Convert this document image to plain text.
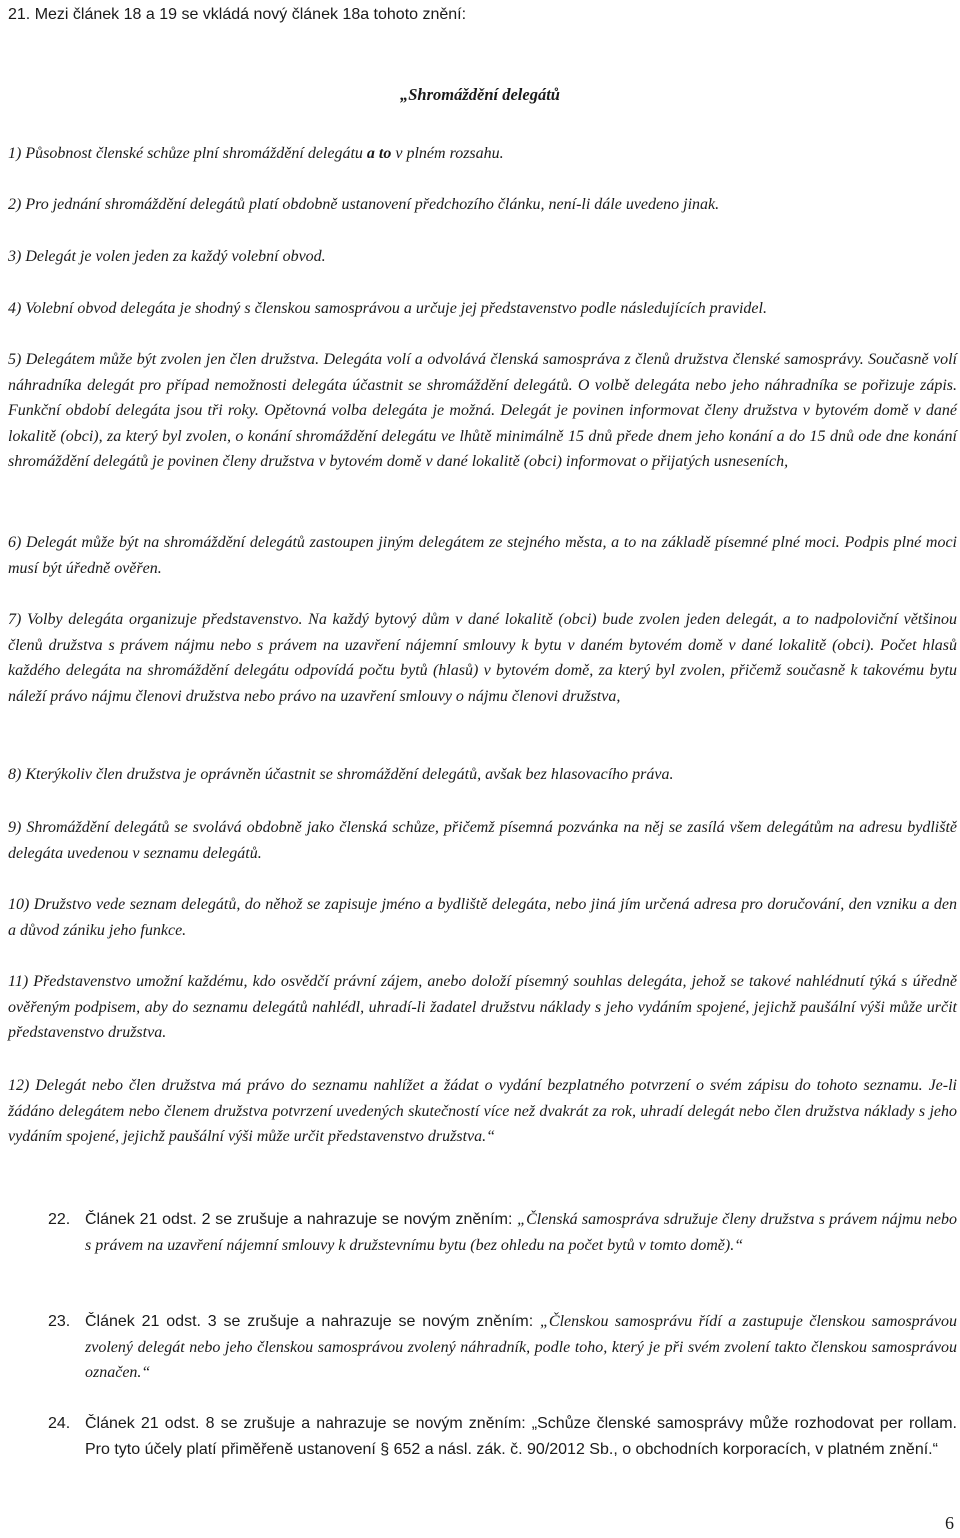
21. Mezi článek 18 a 19 se vkládá nový článek 18a tohoto znění:
„Shromáždění delegátů
1) Působnost členské schůze plní shromáždění delegátu a to v plném rozsahu.
2) Pro jednání shromáždění delegátů platí obdobně ustanovení předchozího článku, není-li dále uvedeno jinak.
3) Delegát je volen jeden za každý volební obvod.
4) Volební obvod delegáta je shodný s členskou samosprávou a určuje jej představenstvo podle následujících pravidel.
5) Delegátem může být zvolen jen člen družstva. Delegáta volí a odvolává členská samospráva z členů družstva členské samosprávy. Současně volí náhradníka delegát pro případ nemožnosti delegáta účastnit se shromáždění delegátů. O volbě delegáta nebo jeho náhradníka se pořizuje zápis. Funkční období delegáta jsou tři roky. Opětovná volba delegáta je možná. Delegát je povinen informovat členy družstva v bytovém domě v dané lokalitě (obci), za který byl zvolen, o konání shromáždění delegátu ve lhůtě minimálně 15 dnů přede dnem jeho konání a do 15 dnů ode dne konání shromáždění delegátů je povinen členy družstva v bytovém domě v dané lokalitě (obci) informovat o přijatých usneseních,
6) Delegát může být na shromáždění delegátů zastoupen jiným delegátem ze stejného města, a to na základě písemné plné moci. Podpis plné moci musí být úředně ověřen.
7) Volby delegáta organizuje představenstvo. Na každý bytový dům v dané lokalitě (obci) bude zvolen jeden delegát, a to nadpoloviční většinou členů družstva s právem nájmu nebo s právem na uzavření nájemní smlouvy k bytu v daném bytovém domě v dané lokalitě (obci). Počet hlasů každého delegáta na shromáždění delegátu odpovídá počtu bytů (hlasů) v bytovém domě, za který byl zvolen, přičemž současně k takovému bytu náleží právo nájmu členovi družstva nebo právo na uzavření smlouvy o nájmu členovi družstva,
8) Kterýkoliv člen družstva je oprávněn účastnit se shromáždění delegátů, avšak bez hlasovacího práva.
9) Shromáždění delegátů se svolává obdobně jako členská schůze, přičemž písemná pozvánka na něj se zasílá všem delegátům na adresu bydliště delegáta uvedenou v seznamu delegátů.
10) Družstvo vede seznam delegátů, do něhož se zapisuje jméno a bydliště delegáta, nebo jiná jím určená adresa pro doručování, den vzniku a den a důvod zániku jeho funkce.
11) Představenstvo umožní každému, kdo osvědčí právní zájem, anebo doloží písemný souhlas delegáta, jehož se takové nahlédnutí týká s úředně ověřeným podpisem, aby do seznamu delegátů nahlédl, uhradí-li žadatel družstvu náklady s jeho vydáním spojené, jejichž paušální výši může určit představenstvo družstva.
12) Delegát nebo člen družstva má právo do seznamu nahlížet a žádat o vydání bezplatného potvrzení o svém zápisu do tohoto seznamu. Je-li žádáno delegátem nebo členem družstva potvrzení uvedených skutečností více než dvakrát za rok, uhradí delegát nebo člen družstva náklady s jeho vydáním spojené, jejichž paušální výši může určit představenstvo družstva.“
22. Článek 21 odst. 2 se zrušuje a nahrazuje se novým zněním: „Členská samospráva sdružuje členy družstva s právem nájmu nebo s právem na uzavření nájemní smlouvy k družstevnímu bytu (bez ohledu na počet bytů v tomto domě).“
23. Článek 21 odst. 3 se zrušuje a nahrazuje se novým zněním: „Členskou samosprávu řídí a zastupuje členskou samosprávou zvolený delegát nebo jeho členskou samosprávou zvolený náhradník, podle toho, který je při svém zvolení takto členskou samosprávou označen.“
24. Článek 21 odst. 8 se zrušuje a nahrazuje se novým zněním: „Schůze členské samosprávy může rozhodovat per rollam. Pro tyto účely platí přiměřeně ustanovení § 652 a násl. zák. č. 90/2012 Sb., o obchodních korporacích, v platném znění.“
6
